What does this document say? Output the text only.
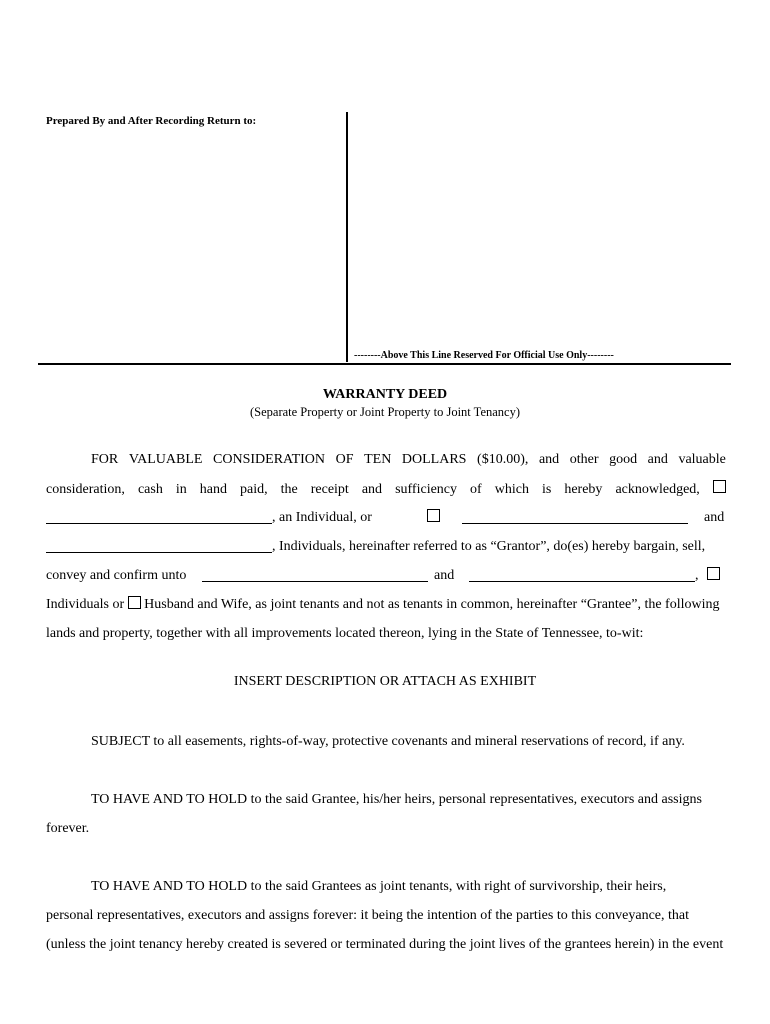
Prepared By and After Recording Return to:
--------Above This Line Reserved For Official Use Only--------
WARRANTY DEED
(Separate Property or Joint Property to Joint Tenancy)
FOR VALUABLE CONSIDERATION OF TEN DOLLARS ($10.00), and other good and valuable
consideration, cash in hand paid, the receipt and sufficiency of which is hereby acknowledged,
, an Individual, or	and
, Individuals, hereinafter referred to as “Grantor”, do(es) hereby bargain, sell,
convey and confirm unto	and	,
Individuals or Husband and Wife, as joint tenants and not as tenants in common, hereinafter “Grantee”, the following
lands and property, together with all improvements located thereon, lying in the State of Tennessee, to-wit:
INSERT DESCRIPTION OR ATTACH AS EXHIBIT
SUBJECT to all easements, rights-of-way, protective covenants and mineral reservations of record, if any.
TO HAVE AND TO HOLD to the said Grantee, his/her heirs, personal representatives, executors and assigns
forever.
TO HAVE AND TO HOLD to the said Grantees as joint tenants, with right of survivorship, their heirs,
personal representatives, executors and assigns forever: it being the intention of the parties to this conveyance, that
(unless the joint tenancy hereby created is severed or terminated during the joint lives of the grantees herein) in the event
